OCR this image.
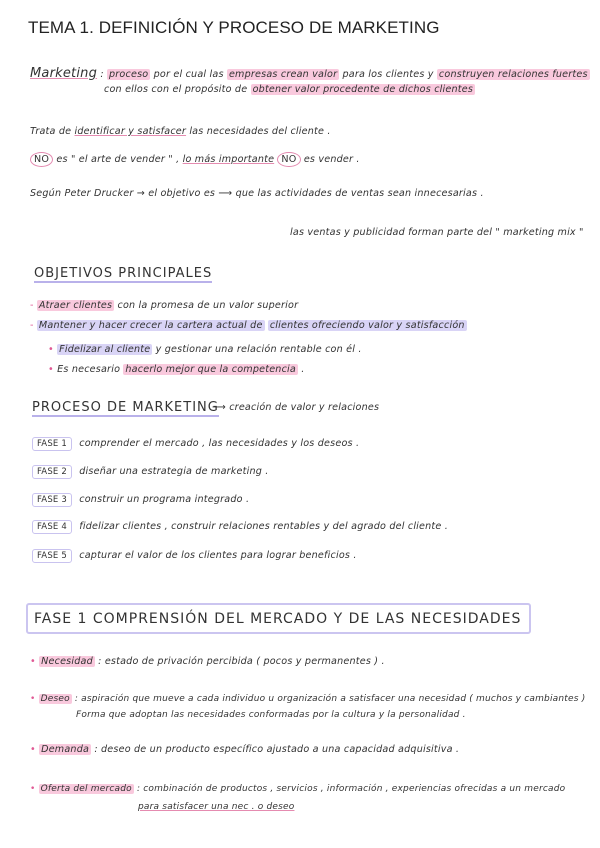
TEMA 1. DEFINICIÓN Y PROCESO DE MARKETING
Marketing : proceso por el cual las empresas crean valor para los clientes y construyen relaciones fuertes
con ellos con el propósito de obtener valor procedente de dichos clientes
Trata de identificar y satisfacer las necesidades del cliente .
NO es " el arte de vender " , lo más importante NO es vender .
Según Peter Drucker → el objetivo es ⟶ que las actividades de ventas sean innecesarias .
las ventas y publicidad forman parte del " marketing mix "
OBJETIVOS PRINCIPALES
- Atraer clientes con la promesa de un valor superior
- Mantener y hacer crecer la cartera actual de clientes ofreciendo valor y satisfacción
• Fidelizar al cliente y gestionar una relación rentable con él .
• Es necesario hacerlo mejor que la competencia .
PROCESO DE MARKETING
⟶ creación de valor y relaciones
FASE 1 comprender el mercado , las necesidades y los deseos .
FASE 2 diseñar una estrategia de marketing .
FASE 3 construir un programa integrado .
FASE 4 fidelizar clientes , construir relaciones rentables y del agrado del cliente .
FASE 5 capturar el valor de los clientes para lograr beneficios .
FASE 1 COMPRENSIÓN DEL MERCADO Y DE LAS NECESIDADES
• Necesidad : estado de privación percibida ( pocos y permanentes ) .
• Deseo : aspiración que mueve a cada individuo u organización a satisfacer una necesidad ( muchos y cambiantes )
Forma que adoptan las necesidades conformadas por la cultura y la personalidad .
• Demanda : deseo de un producto específico ajustado a una capacidad adquisitiva .
• Oferta del mercado : combinación de productos , servicios , información , experiencias ofrecidas a un mercado
para satisfacer una nec . o deseo
